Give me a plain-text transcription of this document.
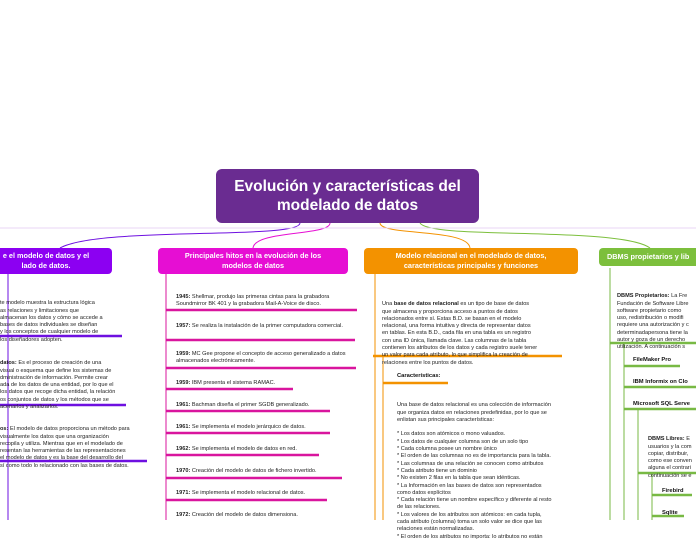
Evolución y características del modelado de datos
e el modelo de datos y el
lado de datos.
Principales hitos en la evolución de los
modelos de datos
Modelo relacional en el modelado de datos,
características principales y funciones
DBMS propietarios y lib

te modelo muestra la estructura lógica
as relaciones y limitaciones que
almacenan los datos y cómo se accede a
bases de datos individuales se diseñan
y los conceptos de cualquier modelo de
los diseñadores adopten.

datos: Es el proceso de creación de una
visual o esquema que define los sistemas de
dministración de información. Permite crear
ada de los datos de una entidad, por lo que el
los datos que recoge dicha entidad, la relación
os conjuntos de datos y los métodos que se
acenarlos y analizarlos.

os: El modelo de datos proporciona un método para
visualmente los datos que una organización
recopila y utiliza. Mientras que en el modelado de
resentan las herramientas de las representaciones
el modelo de datos y es la base del desarrollo del
sí como todo lo relacionado con las bases de datos.

1945: Shellmar, produjo las primeras cintas para la grabadora Soundmirror BK 401 y la grabadora Mail-A-Voice de disco.
1957: Se realiza la instalación de la primer computadora comercial.
1959: MC Gee propone el concepto de acceso generalizado a datos almacenados electrónicamente.
1959: IBM presenta el sistema RAMAC.
1961: Bachman diseña el primer SGDB generalizado.
1961: Se implementa el modelo jerárquico de datos.
1962: Se implementa el modelo de datos en red.
1970: Creación del modelo de datos de fichero invertido.
1971: Se implementa el modelo relacional de datos.
1972: Creación del modelo de datos dimensiona.

Una base de datos relacional es un tipo de base de datos
que almacena y proporciona acceso a puntos de datos
relacionados entre sí. Estas B.D. se basan en el modelo
relacional, una forma intuitiva y directa de representar datos
en tablas. En esta B.D., cada fila en una tabla es un registro
con una ID única, llamada clave. Las columnas de la tabla
contienen los atributos de los datos y cada registro suele tener
un valor para cada atributo, lo que simplifica la creación de
relaciones entre los puntos de datos.

Características:

Una base de datos relacional es una colección de información
que organiza datos en relaciones predefinidas, por lo que se
enlistan sus principales características:

* Los datos son atómicos o mono valuados.
* Los datos de cualquier columna son de un solo tipo
* Cada columna posee un nombre único
* El orden de las columnas no es de importancia para la tabla.
* Las columnas de una relación se conocen como atributos
* Cada atributo tiene un dominio
* No existen 2 filas en la tabla que sean idénticas.
* La Información en las bases de datos son representados
como datos explícitos
* Cada relación tiene un nombre específico y diferente al resto
de las relaciones.
* Los valores de los atributos son atómicos: en cada tupla,
cada atributo (columna) toma un solo valor se dice que las
relaciones están normalizadas.
* El orden de los atributos no importa: lo atributos no están

DBMS Propietarios: La Fre
Fundación de Software Libre
software propietario como
uso, redistribución o modifi
requiere una autorización y c
determinadapersona tiene la
autor y goza de un derecho
utilización. A continuación s

FileMaker Pro
IBM Informix on Clo
Microsoft SQL Serve

DBMS Libres: E
usuarios y la com
copiar, distribuir,
como ese conven
alguna el contrari
continuación se e

Firebird
Sqlite
